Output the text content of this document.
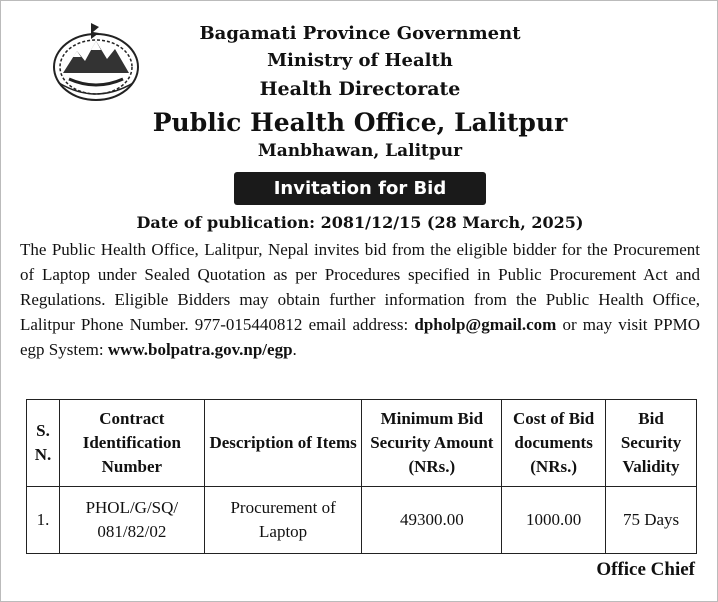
Bagamati Province Government
Ministry of Health
Health Directorate
Public Health Office, Lalitpur
Manbhawan, Lalitpur
Invitation for Bid
Date of publication: 2081/12/15 (28 March, 2025)

The Public Health Office, Lalitpur, Nepal invites bid from the eligible bidder for the Procurement of Laptop under Sealed Quotation as per Procedures specified in Public Procurement Act and Regulations. Eligible Bidders may obtain further information from the Public Health Office, Lalitpur Phone Number. 977-015440812 email address: dpholp@gmail.com or may visit PPMO egp System: www.bolpatra.gov.np/egp.

S. N.	Contract Identification Number	Description of Items	Minimum Bid Security Amount (NRs.)	Cost of Bid documents (NRs.)	Bid Security Validity
1.	PHOL/G/SQ/ 081/82/02	Procurement of Laptop	49300.00	1000.00	75 Days
Office Chief
